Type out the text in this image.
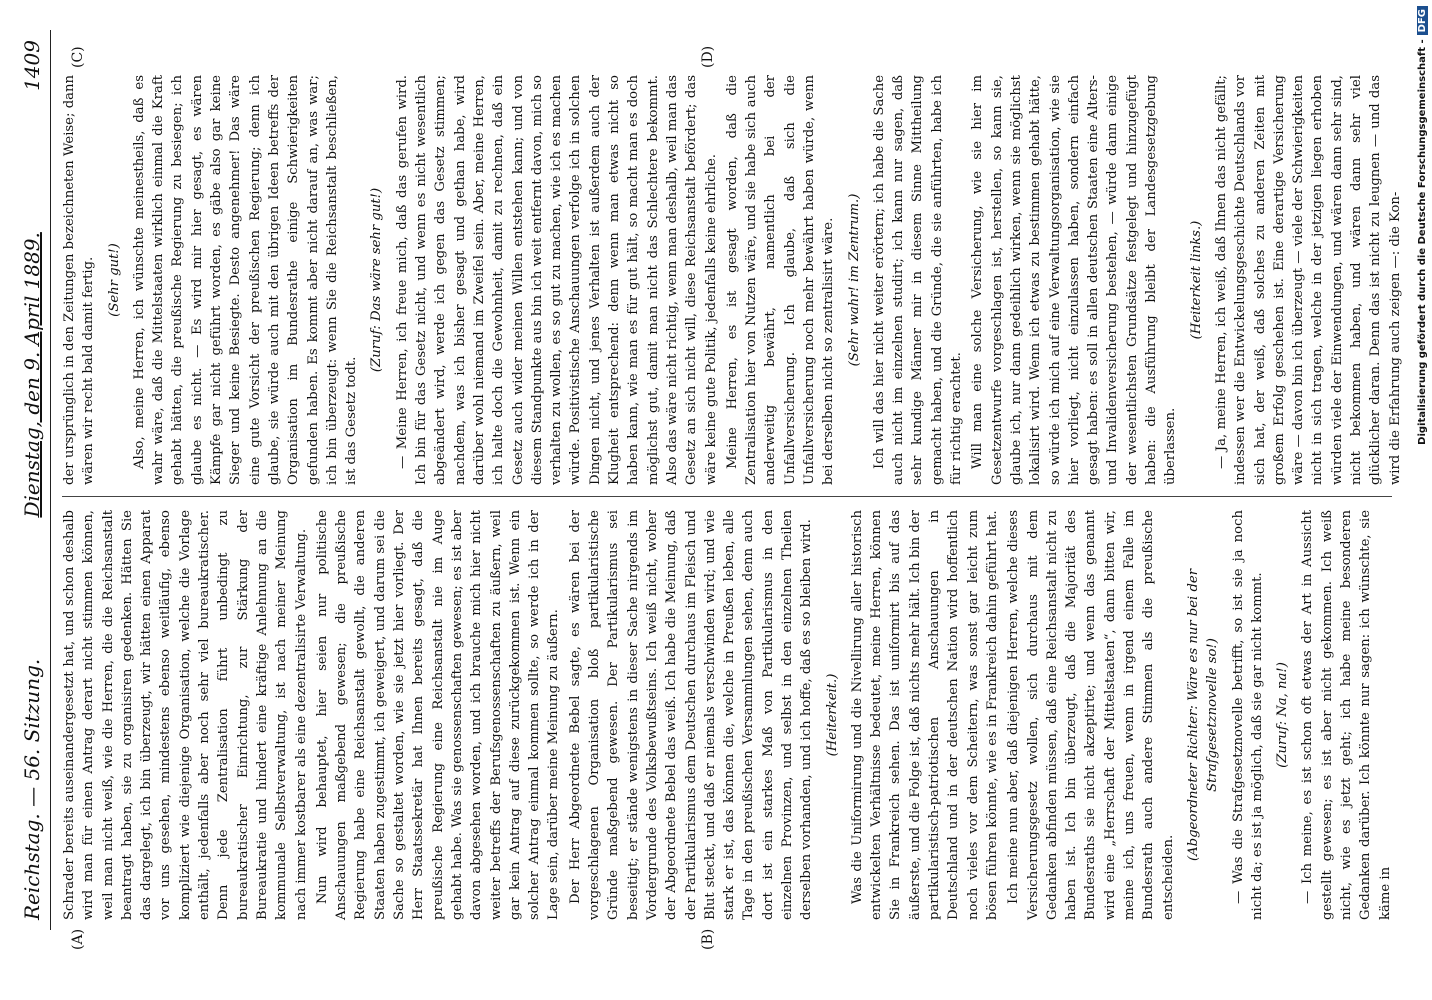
Reichstag. — 56. Sitzung.
Dienstag, den 9. April 1889.
1409
(A)	(B)
(C)	(D)

Schrader bereits auseinandergesetzt hat, und schon deshalb wird man für einen Antrag derart nicht stimmen können, weil man nicht weiß, wie die Herren, die die Reichsanstalt beantragt haben, sie zu organisiren gedenken. Hätten Sie das dargelegt, ich bin überzeugt, wir hätten einen Apparat vor uns gesehen, mindestens ebenso weitläufig, ebenso kompliziert wie diejenige Organisation, welche die Vorlage enthält, jedenfalls aber noch sehr viel bureaukratischer. Denn jede Zentralisation führt unbedingt zu bureaukratischer Einrichtung, zur Stärkung der Bureaukratie und hindert eine kräftige Anlehnung an die kommunale Selbstverwaltung, ist nach meiner Meinung nach immer kostbarer als eine dezentralisirte Verwaltung. Nun wird behauptet, hier seien nur politische Anschauungen maßgebend gewesen; die preußische Regierung habe eine Reichsanstalt gewollt, die anderen Staaten haben zugestimmt, ich geweigert, und darum sei die Sache so gestaltet worden, wie sie jetzt hier vorliegt. Der Herr Staatssekretär hat Ihnen bereits gesagt, daß die preußische Regierung eine Reichsanstalt nie im Auge gehabt habe. Was sie genossenschaften gewesen; es ist aber davon abgesehen worden, und ich brauche mich hier nicht weiter betreffs der Berufsgenossenschaften zu äußern, weil gar kein Antrag auf diese zurückgekommen ist. Wenn ein solcher Antrag einmal kommen sollte, so werde ich in der Lage sein, darüber meine Meinung zu äußern. Der Herr Abgeordnete Bebel sagte, es wären bei der vorgeschlagenen Organisation bloß partikularistische Gründe maßgebend gewesen. Der Partikularismus sei beseitigt; er stände wenigstens in dieser Sache nirgends im Vordergrunde des Volksbewußtseins. Ich weiß nicht, woher der Abgeordnete Bebel das weiß. Ich habe die Meinung, daß der Partikularismus dem Deutschen durchaus im Fleisch und Blut steckt, und daß er niemals verschwinden wird; und wie stark er ist, das können die, welche in Preußen leben, alle Tage in den preußischen Versammlungen sehen, denn auch dort ist ein starkes Maß von Partikularismus in den einzelnen Provinzen, und selbst in den einzelnen Theilen derselben vorhanden, und ich hoffe, daß es so bleiben wird. (Heiterkeit.) Was die Uniformirung und die Nivellirung aller historisch entwickelten Verhältnisse bedeutet, meine Herren, können Sie in Frankreich sehen. Das ist uniformirt bis auf das äußerste, und die Folge ist, daß nichts mehr hält. Ich bin der partikularistisch-patriotischen Anschauungen in Deutschland und in der deutschen Nation wird hoffentlich noch vieles vor dem Scheitern, was sonst gar leicht zum bösen führen könnte, wie es in Frankreich dahin geführt hat. Ich meine nun aber, daß diejenigen Herren, welche dieses Versicherungsgesetz wollen, sich durchaus mit dem Gedanken abfinden müssen, daß eine Reichsanstalt nicht zu haben ist. Ich bin überzeugt, daß die Majorität des Bundesraths sie nicht akzeptirte; und wenn das genannt wird eine „Herrschaft der Mittelstaaten“, dann bitten wir, meine ich, uns freuen, wenn in irgend einem Falle im Bundesrath auch andere Stimmen als die preußische entscheiden.

(Abgeordneter Richter: Wäre es nur bei der Strafgesetznovelle so!) — Was die Strafgesetznovelle betrifft, so ist sie ja noch nicht da; es ist ja möglich, daß sie gar nicht kommt. (Zuruf: Na, na!) — Ich meine, es ist schon oft etwas der Art in Aussicht gestellt gewesen; es ist aber nicht gekommen. Ich weiß nicht, wie es jetzt geht; ich habe meine besonderen Gedanken darüber. Ich könnte nur sagen: ich wünschte, sie käme in

der ursprünglich in den Zeitungen bezeichneten Weise; dann wären wir recht bald damit fertig. (Sehr gut!) Also, meine Herren, ich wünschte meinestheils, daß es wahr wäre, daß die Mittelstaaten wirklich einmal die Kraft gehabt hätten, die preußische Regierung zu besiegen; ich glaube es nicht. — Es wird mir hier gesagt, es wären Kämpfe gar nicht geführt worden, es gäbe also gar keine Sieger und keine Besiegte. Desto angenehmer! Das wäre eine gute Vorsicht der preußischen Regierung; denn ich glaube, sie würde auch mit den übrigen Ideen betreffs der Organisation im Bundesrathe einige Schwierigkeiten gefunden haben. Es kommt aber nicht darauf an, was war; ich bin überzeugt: wenn Sie die Reichsanstalt beschließen, ist das Gesetz todt.

(Zuruf: Das wäre sehr gut!) — Meine Herren, ich freue mich, daß das gerufen wird. Ich bin für das Gesetz nicht, und wenn es nicht wesentlich abgeändert wird, werde ich gegen das Gesetz stimmen; nachdem, was ich bisher gesagt und gethan habe, wird darüber wohl niemand im Zweifel sein. Aber, meine Herren, ich halte doch die Gewohnheit, damit zu rechnen, daß ein Gesetz auch wider meinen Willen entstehen kann; und von diesem Standpunkte aus bin ich weit entfernt davon, mich so verhalten zu wollen, es so gut zu machen, wie ich es machen würde. Positivistische Anschauungen verfolge ich in solchen Dingen nicht, und jenes Verhalten ist außerdem auch der Klugheit entsprechend: denn wenn man etwas nicht so haben kann, wie man es für gut hält, so macht man es doch möglichst gut, damit man nicht das Schlechtere bekommt. Also das wäre nicht richtig, wenn man deshalb, weil man das Gesetz an sich nicht will, diese Reichsanstalt befördert; das wäre keine gute Politik, jedenfalls keine ehrliche. Meine Herren, es ist gesagt worden, daß die Zentralisation hier von Nutzen wäre, und sie habe sich auch anderweitig bewährt, namentlich bei der Unfallversicherung. Ich glaube, daß sich die Unfallversicherung noch mehr bewährt haben würde, wenn bei derselben nicht so zentralisirt wäre. (Sehr wahr! im Zentrum.) Ich will das hier nicht weiter erörtern; ich habe die Sache auch nicht im einzelnen studirt; ich kann nur sagen, daß sehr kundige Männer mir in diesem Sinne Mittheilung gemacht haben, und die Gründe, die sie anführten, habe ich für richtig erachtet. Will man eine solche Versicherung, wie sie hier im Gesetzentwurfe vorgeschlagen ist, herstellen, so kann sie, glaube ich, nur dann gedeihlich wirken, wenn sie möglichst lokalisirt wird. Wenn ich etwas zu bestimmen gehabt hätte, so würde ich mich auf eine Verwaltungsorganisation, wie sie hier vorliegt, nicht einzulassen haben, sondern einfach gesagt haben: es soll in allen deutschen Staaten eine Alters- und Invalidenversicherung bestehen, — würde dann einige der wesentlichsten Grundsätze festgelegt und hinzugefügt haben: die Ausführung bleibt der Landesgesetzgebung überlassen.

(Heiterkeit links.) — Ja, meine Herren, ich weiß, daß Ihnen das nicht gefällt; indessen wer die Entwickelungsgeschichte Deutschlands vor sich hat, der weiß, daß solches zu anderen Zeiten mit großem Erfolg geschehen ist. Eine derartige Versicherung wäre — davon bin ich überzeugt — viele der Schwierigkeiten nicht in sich tragen, welche in der jetzigen liegen erhoben würden viele der Einwendungen, und wären dann sehr sind, nicht bekommen haben, und wären dann sehr viel glücklicher daran. Denn das ist nicht zu leugnen — und das wird die Erfahrung auch zeigen —: die Kon- Digitalisierung gefördert durch die Deutsche Forschungsgemeinschaft -
DFG
